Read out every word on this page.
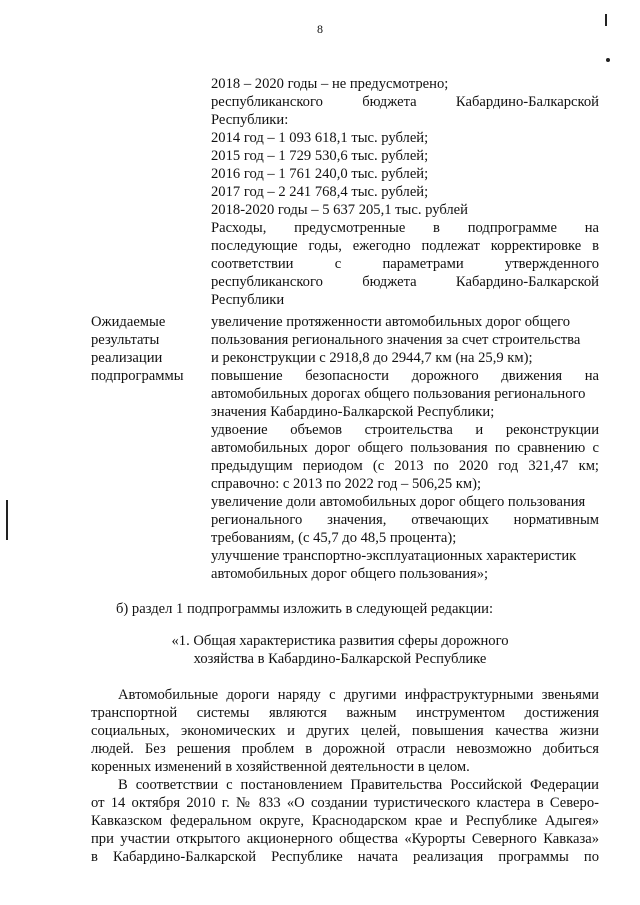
8
2018 – 2020 годы – не предусмотрено;
республиканского бюджета Кабардино-Балкарской
Республики:
2014 год – 1 093 618,1 тыс. рублей;
2015 год – 1 729 530,6 тыс. рублей;
2016 год – 1 761 240,0 тыс. рублей;
2017 год – 2 241 768,4 тыс. рублей;
2018-2020 годы – 5 637 205,1 тыс. рублей
Расходы, предусмотренные в подпрограмме на
последующие годы, ежегодно подлежат корректировке в
соответствии с параметрами утвержденного
республиканского бюджета Кабардино-Балкарской
Республики
Ожидаемые
результаты
реализации
подпрограммы
увеличение протяженности автомобильных дорог общего
пользования регионального значения за счет строительства
и реконструкции с 2918,8 до 2944,7 км (на 25,9 км);
повышение безопасности дорожного движения на
автомобильных дорогах общего пользования регионального
значения Кабардино-Балкарской Республики;
удвоение объемов строительства и реконструкции
автомобильных дорог общего пользования по сравнению с
предыдущим периодом (с 2013 по 2020 год 321,47 км;
справочно: с 2013 по 2022 год – 506,25 км);
увеличение доли автомобильных дорог общего пользования
регионального значения, отвечающих нормативным
требованиям, (с 45,7 до 48,5 процента);
улучшение транспортно-эксплуатационных характеристик
автомобильных дорог общего пользования»;
б) раздел 1 подпрограммы изложить в следующей редакции:
«1. Общая характеристика развития сферы дорожного
хозяйства в Кабардино-Балкарской Республике
Автомобильные дороги наряду с другими инфраструктурными звеньями
транспортной системы являются важным инструментом достижения
социальных, экономических и других целей, повышения качества жизни
людей. Без решения проблем в дорожной отрасли невозможно добиться
коренных изменений в хозяйственной деятельности в целом.
В соответствии с постановлением Правительства Российской Федерации
от 14 октября 2010 г. № 833 «О создании туристического кластера в Северо-
Кавказском федеральном округе, Краснодарском крае и Республике Адыгея»
при участии открытого акционерного общества «Курорты Северного Кавказа»
в Кабардино-Балкарской Республике начата реализация программы по
